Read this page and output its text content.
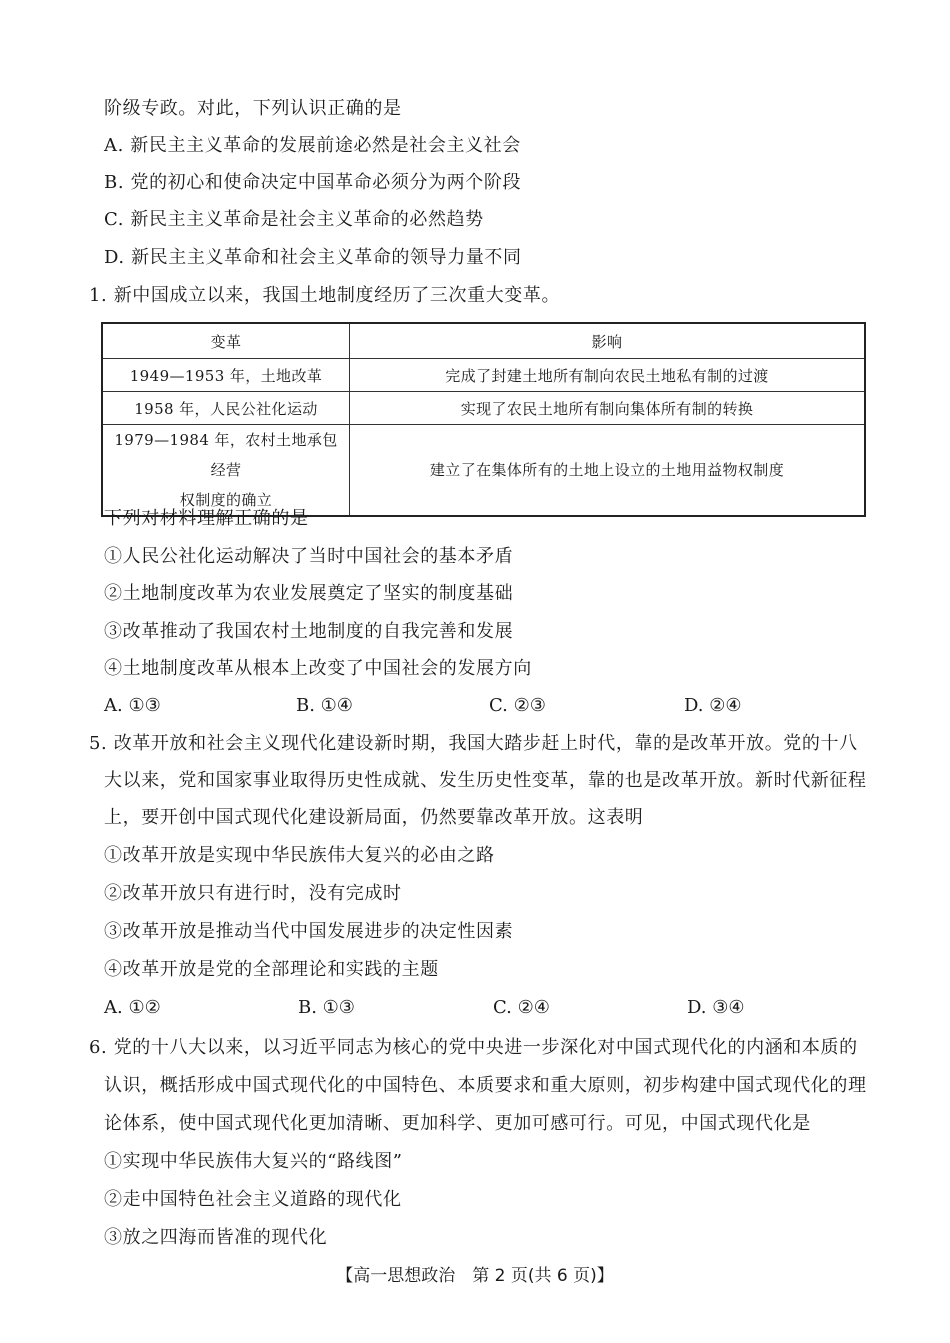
阶级专政。对此，下列认识正确的是
A. 新民主主义革命的发展前途必然是社会主义社会
B. 党的初心和使命决定中国革命必须分为两个阶段
C. 新民主主义革命是社会主义革命的必然趋势
D. 新民主主义革命和社会主义革命的领导力量不同
1. 新中国成立以来，我国土地制度经历了三次重大变革。
变革	影响
1949—1953 年，土地改革	完成了封建土地所有制向农民土地私有制的过渡
1958 年，人民公社化运动	实现了农民土地所有制向集体所有制的转换

1979—1984 年，农村土地承包经营
权制度的确立	建立了在集体所有的土地上设立的土地用益物权制度
下列对材料理解正确的是
①人民公社化运动解决了当时中国社会的基本矛盾
②土地制度改革为农业发展奠定了坚实的制度基础
③改革推动了我国农村土地制度的自我完善和发展
④土地制度改革从根本上改变了中国社会的发展方向
A. ①③	B. ①④	C. ②③	D. ②④
5. 改革开放和社会主义现代化建设新时期，我国大踏步赶上时代，靠的是改革开放。党的十八
大以来，党和国家事业取得历史性成就、发生历史性变革，靠的也是改革开放。新时代新征程
上，要开创中国式现代化建设新局面，仍然要靠改革开放。这表明
①改革开放是实现中华民族伟大复兴的必由之路
②改革开放只有进行时，没有完成时
③改革开放是推动当代中国发展进步的决定性因素
④改革开放是党的全部理论和实践的主题
A. ①②	B. ①③	C. ②④	D. ③④
6. 党的十八大以来，以习近平同志为核心的党中央进一步深化对中国式现代化的内涵和本质的
认识，概括形成中国式现代化的中国特色、本质要求和重大原则，初步构建中国式现代化的理
论体系，使中国式现代化更加清晰、更加科学、更加可感可行。可见，中国式现代化是
①实现中华民族伟大复兴的“路线图”
②走中国特色社会主义道路的现代化
③放之四海而皆准的现代化
【高一思想政治　第 2 页(共 6 页)】
